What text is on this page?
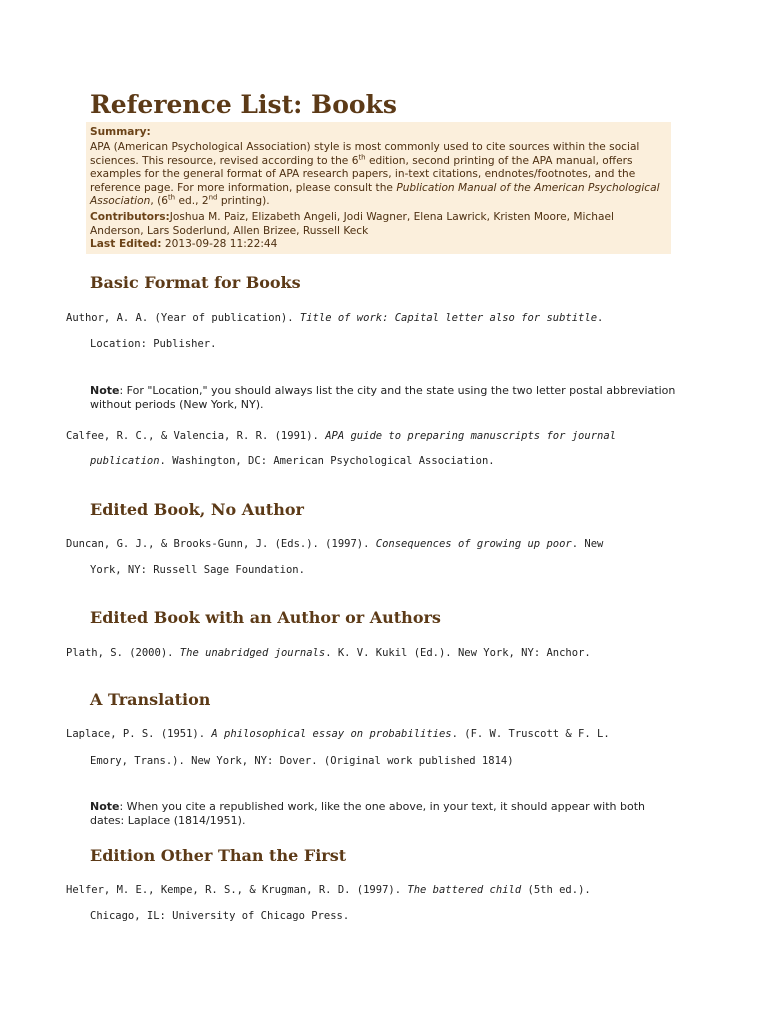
Reference List: Books

Summary:

APA (American Psychological Association) style is most commonly used to cite sources within the social sciences. This resource, revised according to the 6th edition, second printing of the APA manual, offers examples for the general format of APA research papers, in-text citations, endnotes/footnotes, and the reference page. For more information, please consult the Publication Manual of the American Psychological Association, (6th ed., 2nd printing).

Contributors:Joshua M. Paiz, Elizabeth Angeli, Jodi Wagner, Elena Lawrick, Kristen Moore, Michael Anderson, Lars Soderlund, Allen Brizee, Russell Keck

Last Edited: 2013-09-28 11:22:44

Basic Format for Books

Author, A. A. (Year of publication). Title of work: Capital letter also for subtitle.

Location: Publisher.

Note: For "Location," you should always list the city and the state using the two letter postal abbreviation without periods (New York, NY).

Calfee, R. C., & Valencia, R. R. (1991). APA guide to preparing manuscripts for journal

publication. Washington, DC: American Psychological Association.

Edited Book, No Author

Duncan, G. J., & Brooks-Gunn, J. (Eds.). (1997). Consequences of growing up poor. New

York, NY: Russell Sage Foundation.

Edited Book with an Author or Authors

Plath, S. (2000). The unabridged journals. K. V. Kukil (Ed.). New York, NY: Anchor.

A Translation

Laplace, P. S. (1951). A philosophical essay on probabilities. (F. W. Truscott & F. L.

Emory, Trans.). New York, NY: Dover. (Original work published 1814)

Note: When you cite a republished work, like the one above, in your text, it should appear with both dates: Laplace (1814/1951).

Edition Other Than the First

Helfer, M. E., Kempe, R. S., & Krugman, R. D. (1997). The battered child (5th ed.).

Chicago, IL: University of Chicago Press.
